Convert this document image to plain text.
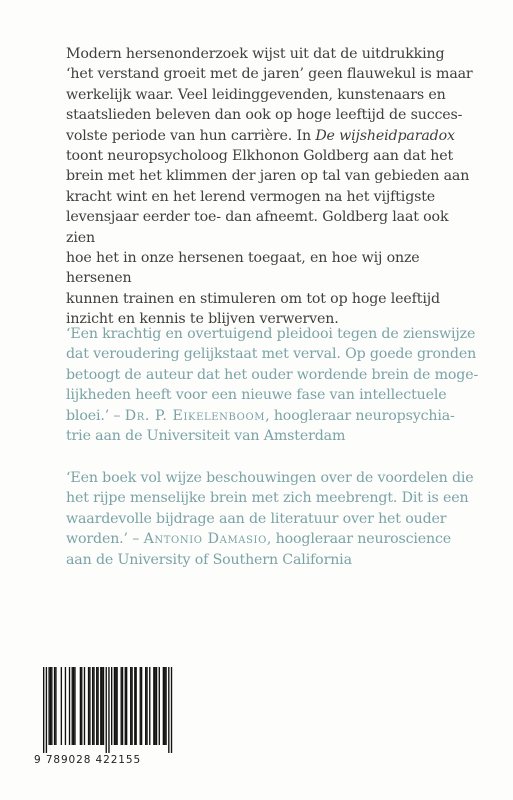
Modern hersenonderzoek wijst uit dat de uitdrukking

‘het verstand groeit met de jaren’ geen flauwekul is maar

werkelijk waar. Veel leidinggevenden, kunstenaars en

staatslieden beleven dan ook op hoge leeftijd de succes-

volste periode van hun carrière. In De wijsheidparadox

toont neuropsycholoog Elkhonon Goldberg aan dat het

brein met het klimmen der jaren op tal van gebieden aan

kracht wint en het lerend vermogen na het vijftigste

levensjaar eerder toe- dan afneemt. Goldberg laat ook zien

hoe het in onze hersenen toegaat, en hoe wij onze hersenen

kunnen trainen en stimuleren om tot op hoge leeftijd

inzicht en kennis te blijven verwerven.

‘Een krachtig en overtuigend pleidooi tegen de zienswijze

dat veroudering gelijkstaat met verval. Op goede gronden

betoogt de auteur dat het ouder wordende brein de moge-

lijkheden heeft voor een nieuwe fase van intellectuele

bloei.’ – Dr. P. Eikelenboom, hoogleraar neuropsychia-

trie aan de Universiteit van Amsterdam

‘Een boek vol wijze beschouwingen over de voordelen die

het rijpe menselijke brein met zich meebrengt. Dit is een

waardevolle bijdrage aan de literatuur over het ouder

worden.’ – Antonio Damasio, hoogleraar neuroscience

aan de University of Southern California

9 789028 422155
